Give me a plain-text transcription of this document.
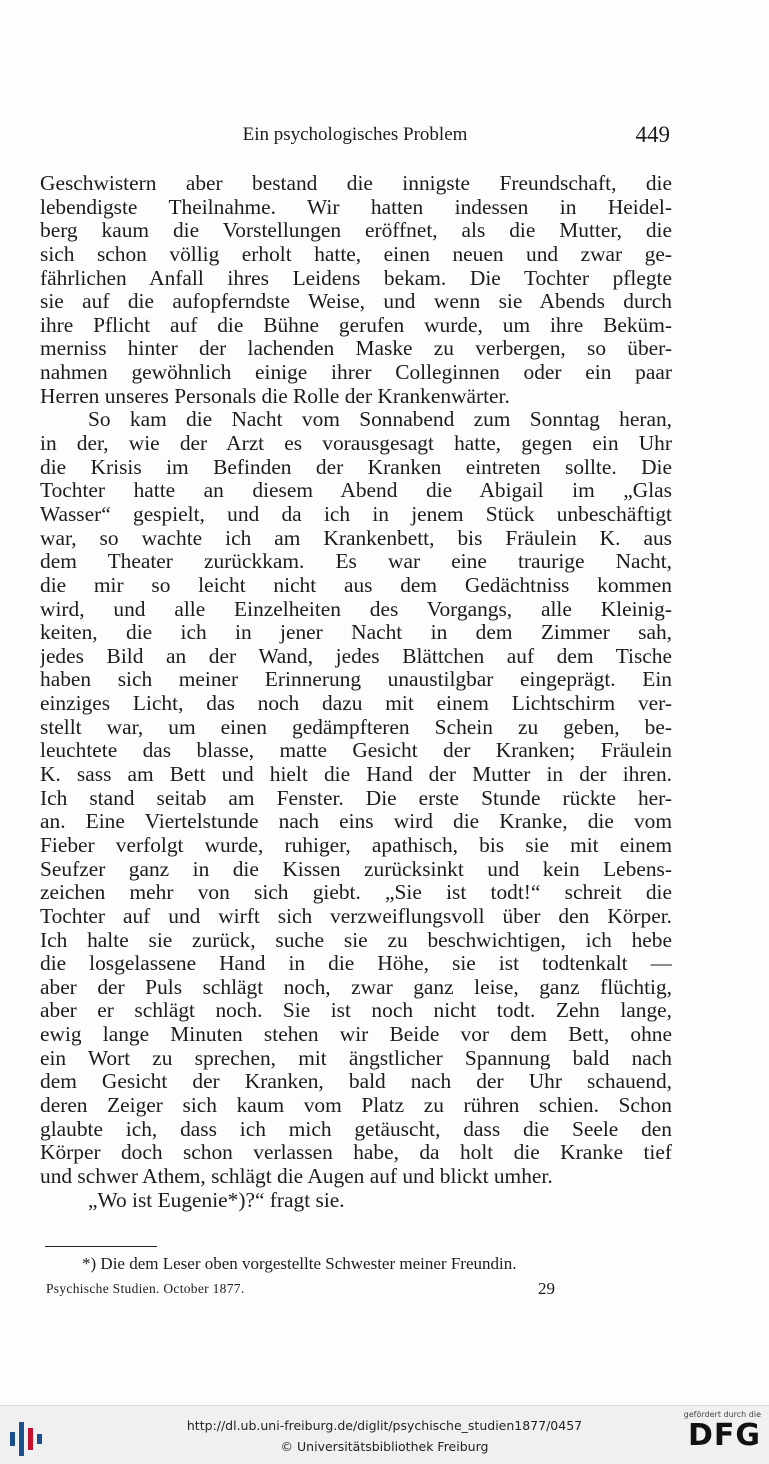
Ein psychologisches Problem	449
Geschwistern aber bestand die innigste Freundschaft, die
lebendigste Theilnahme. Wir hatten indessen in Heidel-
berg kaum die Vorstellungen eröffnet, als die Mutter, die
sich schon völlig erholt hatte, einen neuen und zwar ge-
fährlichen Anfall ihres Leidens bekam. Die Tochter pflegte
sie auf die aufopferndste Weise, und wenn sie Abends durch
ihre Pflicht auf die Bühne gerufen wurde, um ihre Beküm-
merniss hinter der lachenden Maske zu verbergen, so über-
nahmen gewöhnlich einige ihrer Colleginnen oder ein paar
Herren unseres Personals die Rolle der Krankenwärter.
So kam die Nacht vom Sonnabend zum Sonntag heran,
in der, wie der Arzt es vorausgesagt hatte, gegen ein Uhr
die Krisis im Befinden der Kranken eintreten sollte. Die
Tochter hatte an diesem Abend die Abigail im „Glas
Wasser“ gespielt, und da ich in jenem Stück unbeschäftigt
war, so wachte ich am Krankenbett, bis Fräulein K. aus
dem Theater zurückkam. Es war eine traurige Nacht,
die mir so leicht nicht aus dem Gedächtniss kommen
wird, und alle Einzelheiten des Vorgangs, alle Kleinig-
keiten, die ich in jener Nacht in dem Zimmer sah,
jedes Bild an der Wand, jedes Blättchen auf dem Tische
haben sich meiner Erinnerung unaustilgbar eingeprägt. Ein
einziges Licht, das noch dazu mit einem Lichtschirm ver-
stellt war, um einen gedämpfteren Schein zu geben, be-
leuchtete das blasse, matte Gesicht der Kranken; Fräulein
K. sass am Bett und hielt die Hand der Mutter in der ihren.
Ich stand seitab am Fenster. Die erste Stunde rückte her-
an. Eine Viertelstunde nach eins wird die Kranke, die vom
Fieber verfolgt wurde, ruhiger, apathisch, bis sie mit einem
Seufzer ganz in die Kissen zurücksinkt und kein Lebens-
zeichen mehr von sich giebt. „Sie ist todt!“ schreit die
Tochter auf und wirft sich verzweiflungsvoll über den Körper.
Ich halte sie zurück, suche sie zu beschwichtigen, ich hebe
die losgelassene Hand in die Höhe, sie ist todtenkalt —
aber der Puls schlägt noch, zwar ganz leise, ganz flüchtig,
aber er schlägt noch. Sie ist noch nicht todt. Zehn lange,
ewig lange Minuten stehen wir Beide vor dem Bett, ohne
ein Wort zu sprechen, mit ängstlicher Spannung bald nach
dem Gesicht der Kranken, bald nach der Uhr schauend,
deren Zeiger sich kaum vom Platz zu rühren schien. Schon
glaubte ich, dass ich mich getäuscht, dass die Seele den
Körper doch schon verlassen habe, da holt die Kranke tief
und schwer Athem, schlägt die Augen auf und blickt umher.
„Wo ist Eugenie*)?“ fragt sie.
*) Die dem Leser oben vorgestellte Schwester meiner Freundin.
Psychische Studien. October 1877.	29
http://dl.ub.uni-freiburg.de/diglit/psychische_studien1877/0457
© Universitätsbibliothek Freiburg
gefördert durch die
DFG
